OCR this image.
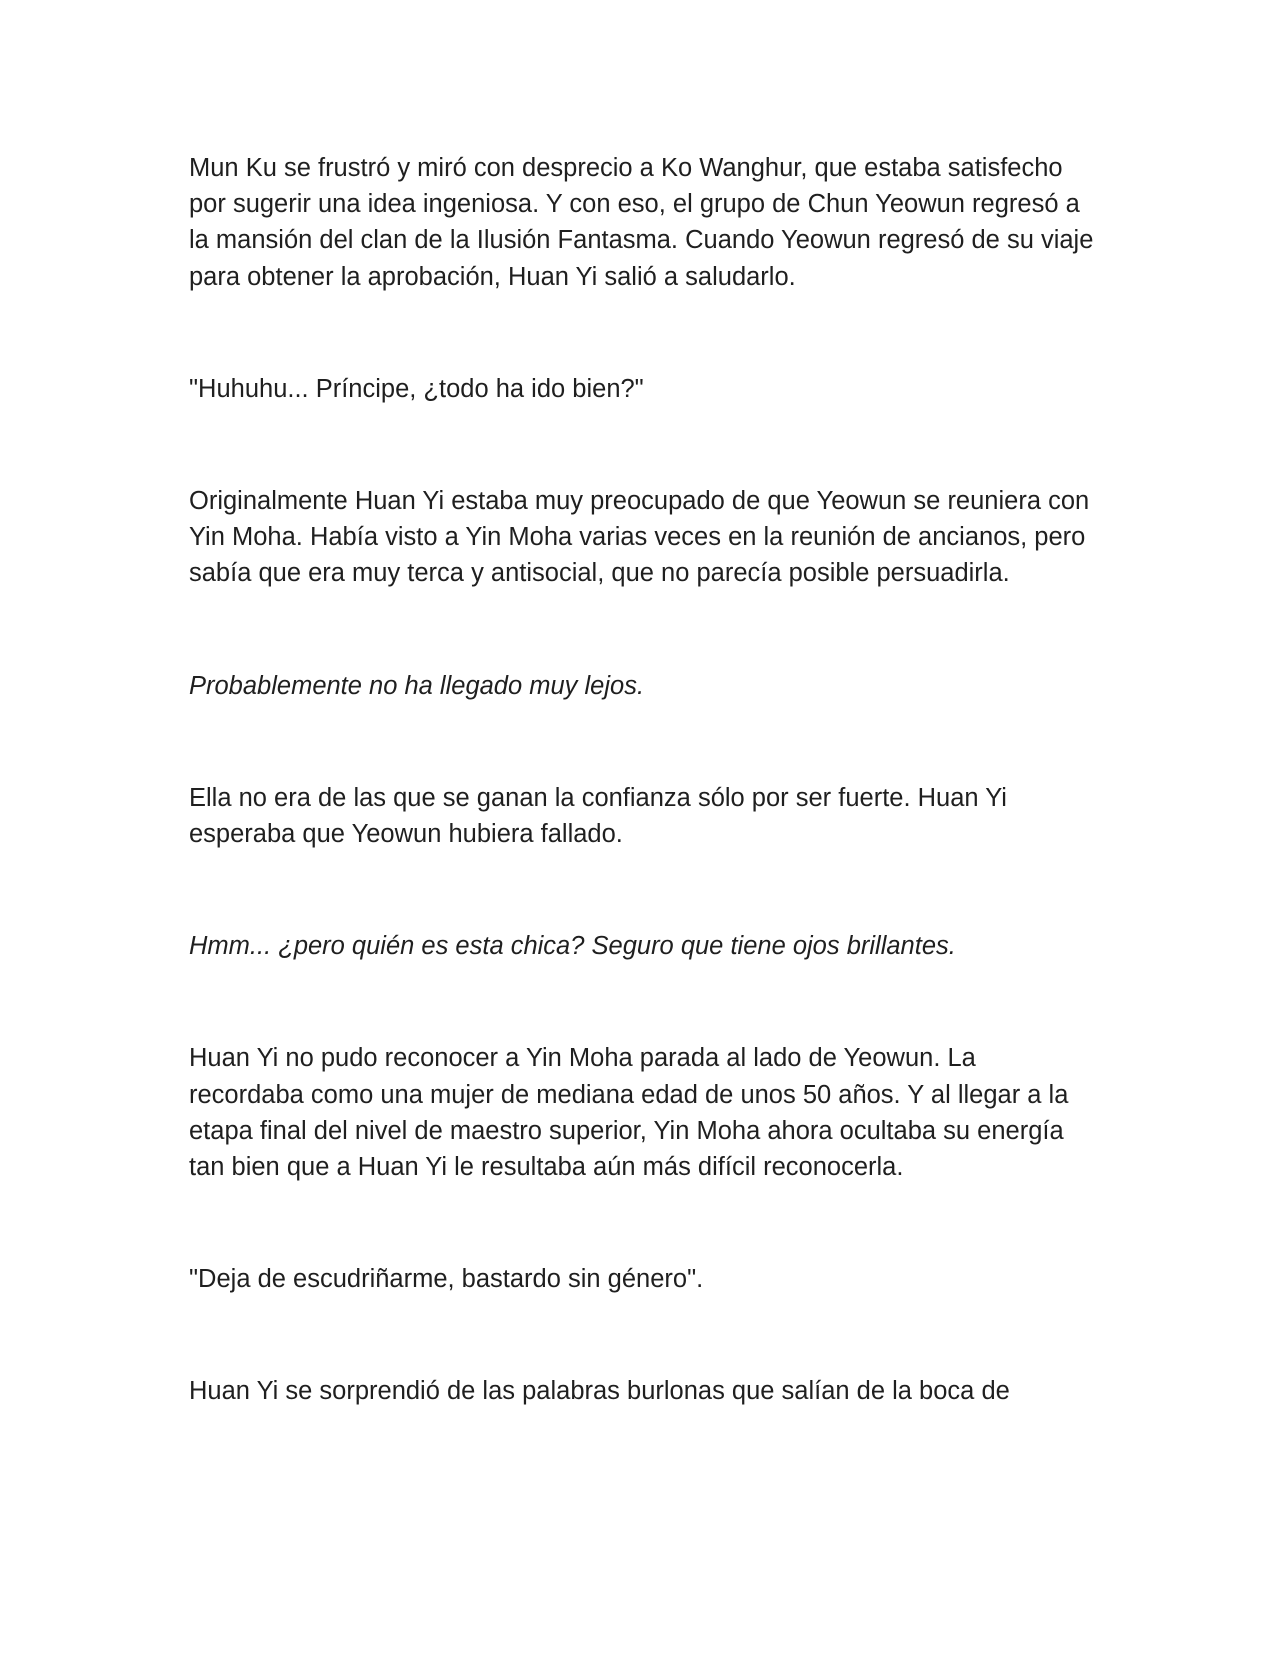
Mun Ku se frustró y miró con desprecio a Ko Wanghur, que estaba satisfecho por sugerir una idea ingeniosa. Y con eso, el grupo de Chun Yeowun regresó a la mansión del clan de la Ilusión Fantasma. Cuando Yeowun regresó de su viaje para obtener la aprobación, Huan Yi salió a saludarlo.

"Huhuhu... Príncipe, ¿todo ha ido bien?"

Originalmente Huan Yi estaba muy preocupado de que Yeowun se reuniera con Yin Moha. Había visto a Yin Moha varias veces en la reunión de ancianos, pero sabía que era muy terca y antisocial, que no parecía posible persuadirla.

Probablemente no ha llegado muy lejos.

Ella no era de las que se ganan la confianza sólo por ser fuerte. Huan Yi esperaba que Yeowun hubiera fallado.

Hmm... ¿pero quién es esta chica? Seguro que tiene ojos brillantes.

Huan Yi no pudo reconocer a Yin Moha parada al lado de Yeowun. La recordaba como una mujer de mediana edad de unos 50 años. Y al llegar a la etapa final del nivel de maestro superior, Yin Moha ahora ocultaba su energía tan bien que a Huan Yi le resultaba aún más difícil reconocerla.

"Deja de escudriñarme, bastardo sin género".

Huan Yi se sorprendió de las palabras burlonas que salían de la boca de
